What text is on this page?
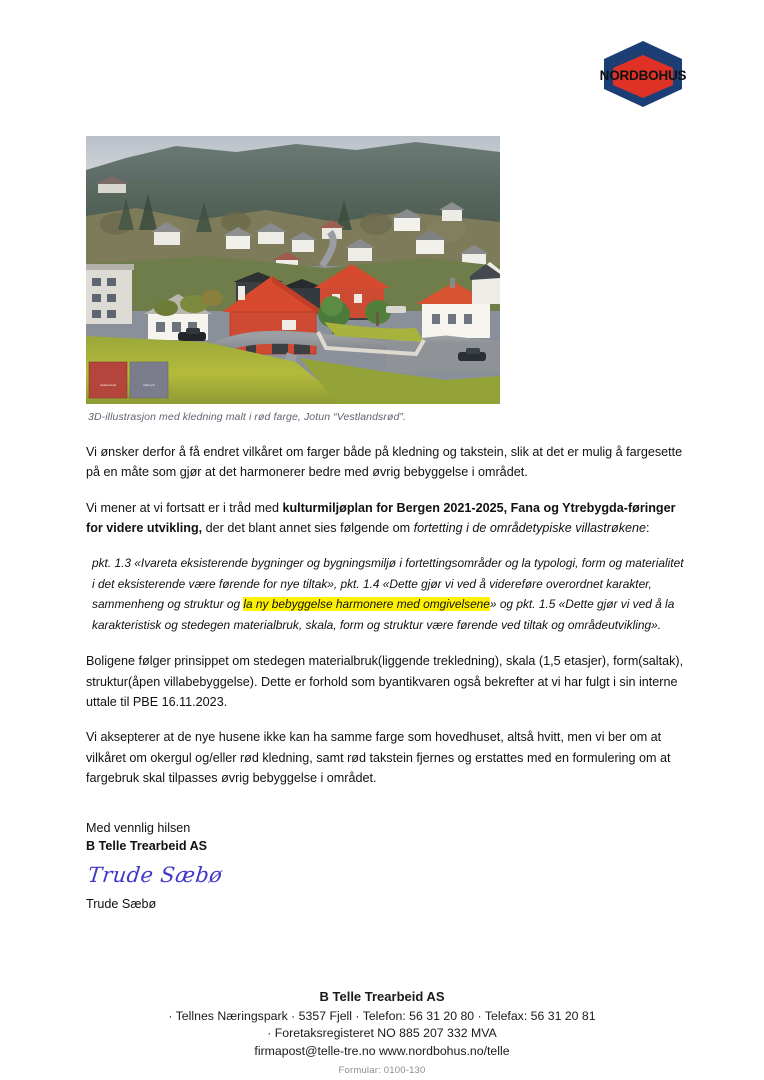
NORDBOHUS
Vestlandsrød	Mørk grå
3D-illustrasjon med kledning malt i rød farge, Jotun “Vestlandsrød”.

Vi ønsker derfor å få endret vilkåret om farger både på kledning og takstein, slik at det er mulig å fargesette på en måte som gjør at det harmonerer bedre med øvrig bebyggelse i området.

Vi mener at vi fortsatt er i tråd med kulturmiljøplan for Bergen 2021-2025, Fana og Ytrebygda-føringer for videre utvikling, der det blant annet sies følgende om fortetting i de områdetypiske villastrøkene:

pkt. 1.3 «Ivareta eksisterende bygninger og bygningsmiljø i fortettingsområder og la typologi, form og materialitet i det eksisterende være førende for nye tiltak», pkt. 1.4 «Dette gjør vi ved å videreføre overordnet karakter, sammenheng og struktur og la ny bebyggelse harmonere med omgivelsene» og pkt. 1.5 «Dette gjør vi ved å la karakteristisk og stedegen materialbruk, skala, form og struktur være førende ved tiltak og områdeutvikling».

Boligene følger prinsippet om stedegen materialbruk(liggende trekledning), skala (1,5 etasjer), form(saltak), struktur(åpen villabebyggelse). Dette er forhold som byantikvaren også bekrefter at vi har fulgt i sin interne uttale til PBE 16.11.2023.

Vi aksepterer at de nye husene ikke kan ha samme farge som hovedhuset, altså hvitt, men vi ber om at vilkåret om okergul og/eller rød kledning, samt rød takstein fjernes og erstattes med en formulering om at fargebruk skal tilpasses øvrig bebyggelse i området.

Med vennlig hilsen
B Telle Trearbeid AS
Trude Sæbø
Trude Sæbø
B Telle Trearbeid AS
· Tellnes Næringspark · 5357 Fjell · Telefon: 56 31 20 80 · Telefax: 56 31 20 81
· Foretaksregisteret NO 885 207 332 MVA
firmapost@telle-tre.no www.nordbohus.no/telle
Formular: 0100-130
